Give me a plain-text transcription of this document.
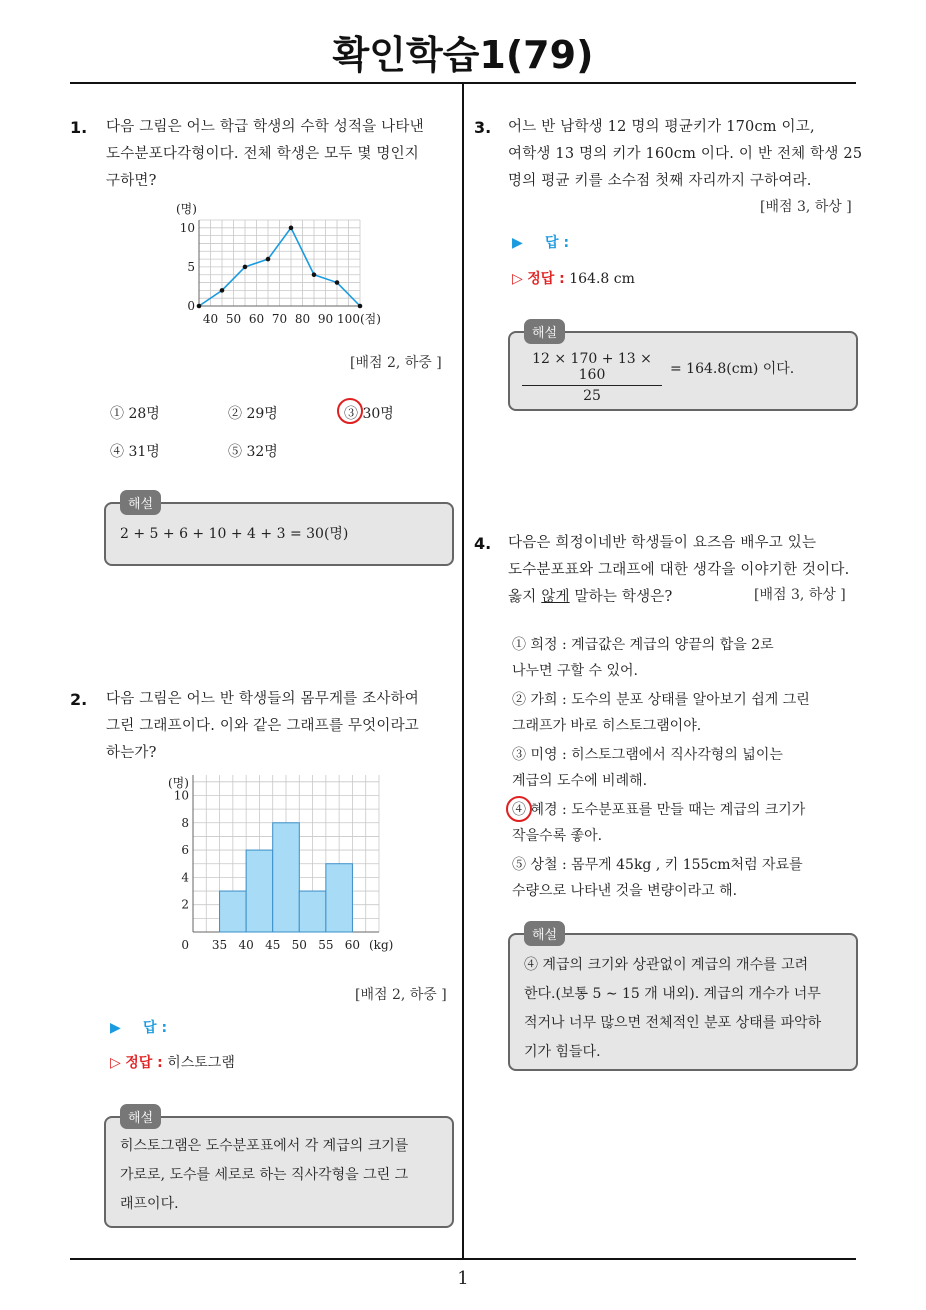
확인학습1(79)
1
1. 다음 그림은 어느 학급 학생의 수학 성적을 나타낸
도수분포다각형이다. 전체 학생은 모두 몇 명인지
구하면?
0
5
10
40 50 60 70 80 90 100
(명)
(점)
[배점 2, 하중 ]
① 28명	② 29명	③ 30명
④ 31명	⑤ 32명
해설
2 + 5 + 6 + 10 + 4 + 3 = 30(명)
2. 다음 그림은 어느 반 학생들의 몸무게를 조사하여
그린 그래프이다. 이와 같은 그래프를 무엇이라고
하는가?
2
4
6
8
10
0 35 40 45 50 55 60
(명)
(kg)
[배점 2, 하중 ]
▶ 답 :
▷ 정답 : 히스토그램
해설
히스토그램은 도수분포표에서 각 계급의 크기를
가로로, 도수를 세로로 하는 직사각형을 그린 그
래프이다.
3. 어느 반 남학생 12 명의 평균키가 170cm 이고,
여학생 13 명의 키가 160cm 이다. 이 반 전체 학생 25
명의 평균 키를 소수점 첫째 자리까지 구하여라.
[배점 3, 하상 ]
▶ 답 :
▷ 정답 : 164.8 cm
해설
$\frac{12 \times 170 + 13 \times 160}{25} = 164.8(cm)$ 이다.
4. 다음은 희정이네반 학생들이 요즈음 배우고 있는
도수분포표와 그래프에 대한 생각을 이야기한 것이다.
옳지 않게 말하는 학생은?	[배점 3, 하상 ]
① 희정 : 계급값은 계급의 양끝의 합을 2로
나누면 구할 수 있어.
② 가희 : 도수의 분포 상태를 알아보기 쉽게 그린
그래프가 바로 히스토그램이야.
③ 미영 : 히스토그램에서 직사각형의 넓이는
계급의 도수에 비례해.
④ 혜경 : 도수분포표를 만들 때는 계급의 크기가
작을수록 좋아.
⑤ 상철 : 몸무게 45kg , 키 155cm처럼 자료를
수량으로 나타낸 것을 변량이라고 해.
해설
④ 계급의 크기와 상관없이 계급의 개수를 고려
한다.(보통 5 ∼ 15 개 내외). 계급의 개수가 너무
적거나 너무 많으면 전체적인 분포 상태를 파악하
기가 힘들다.
